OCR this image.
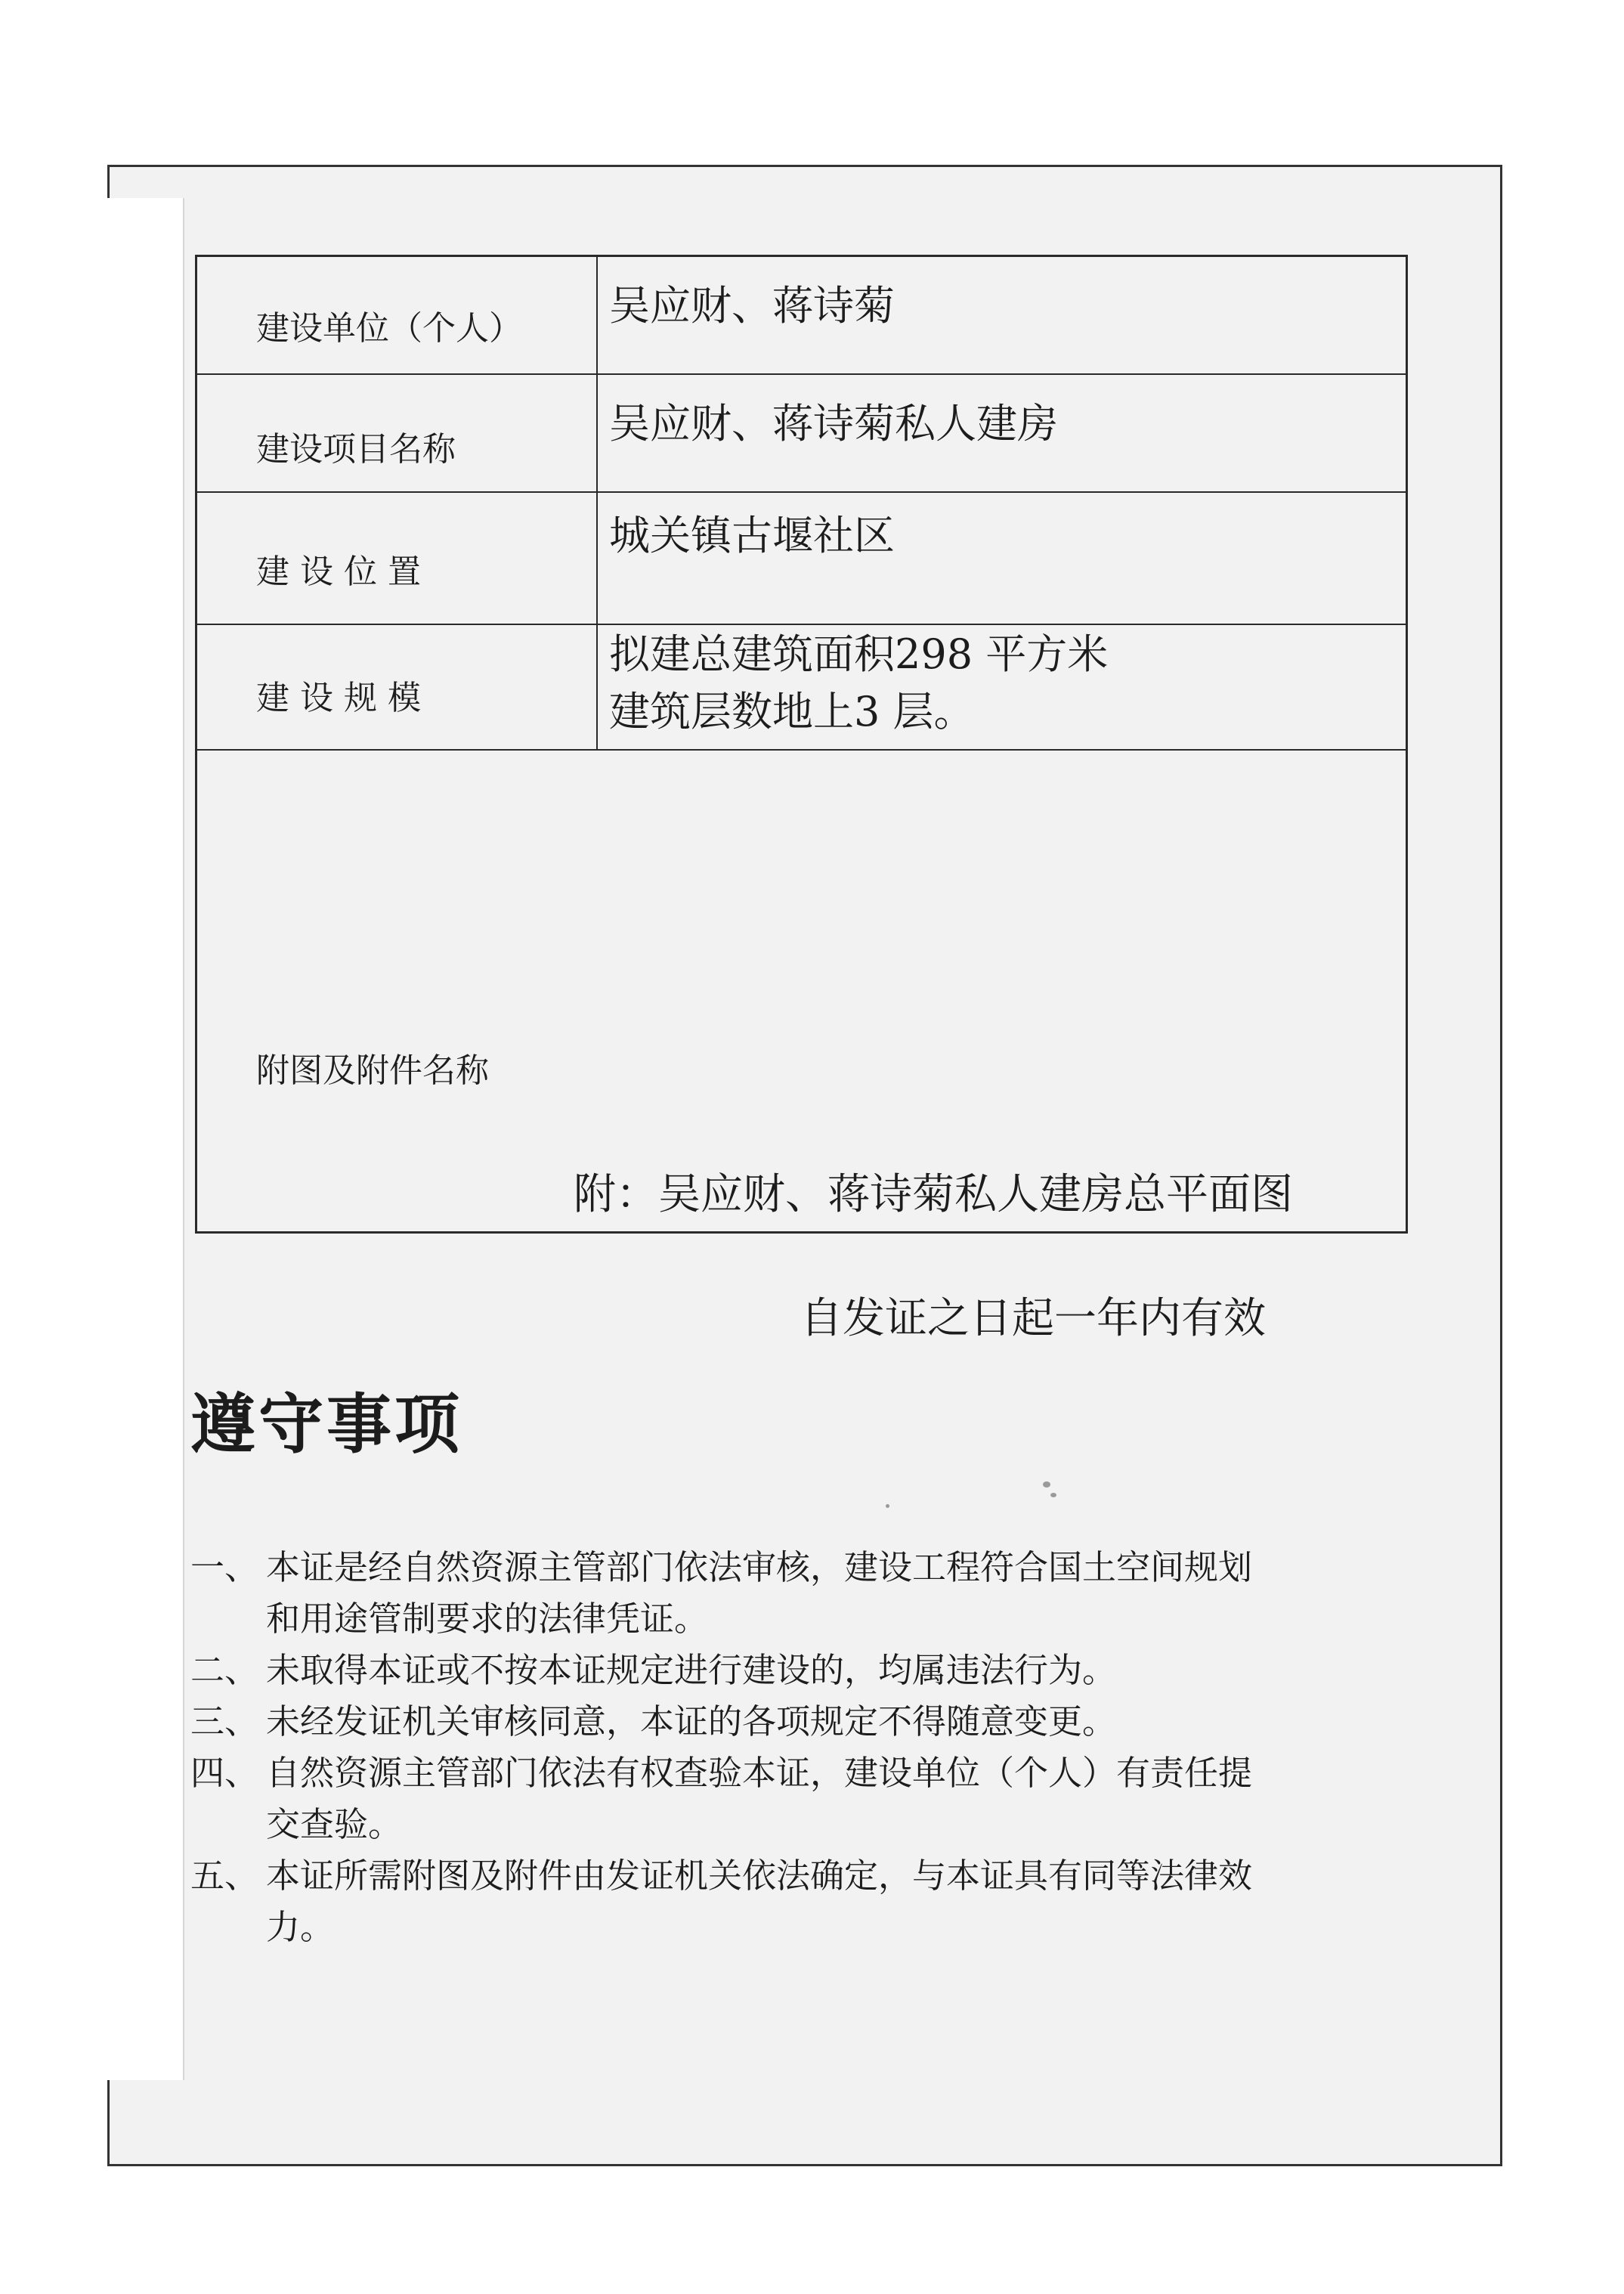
建设单位（个人） 吴应财、蒋诗菊
建设项目名称
吴应财、蒋诗菊私人建房
建 设 位 置
城关镇古堰社区
建 设 规 模
拟建总建筑面积298 平方米
建筑层数地上3 层。
附图及附件名称
附：吴应财、蒋诗菊私人建房总平面图
自发证之日起一年内有效
遵守事项
一、 本证是经自然资源主管部门依法审核，建设工程符合国土空间规划
和用途管制要求的法律凭证。
二、 未取得本证或不按本证规定进行建设的，均属违法行为。
三、 未经发证机关审核同意，本证的各项规定不得随意变更。
四、 自然资源主管部门依法有权查验本证，建设单位（个人）有责任提
交查验。
五、 本证所需附图及附件由发证机关依法确定，与本证具有同等法律效
力。
